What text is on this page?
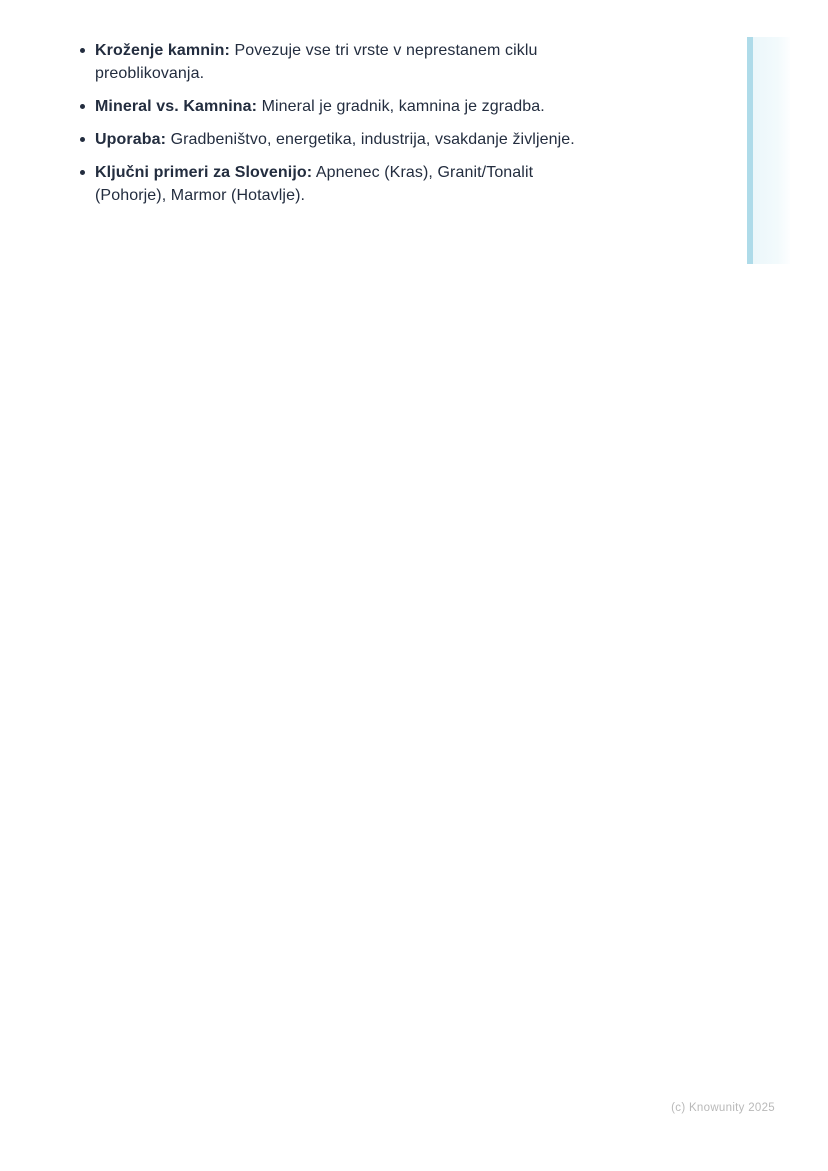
Kroženje kamnin: Povezuje vse tri vrste v neprestanem ciklu preoblikovanja.
Mineral vs. Kamnina: Mineral je gradnik, kamnina je zgradba.
Uporaba: Gradbeništvo, energetika, industrija, vsakdanje življenje.
Ključni primeri za Slovenijo: Apnenec (Kras), Granit/Tonalit (Pohorje), Marmor (Hotavlje).
(c) Knowunity 2025
